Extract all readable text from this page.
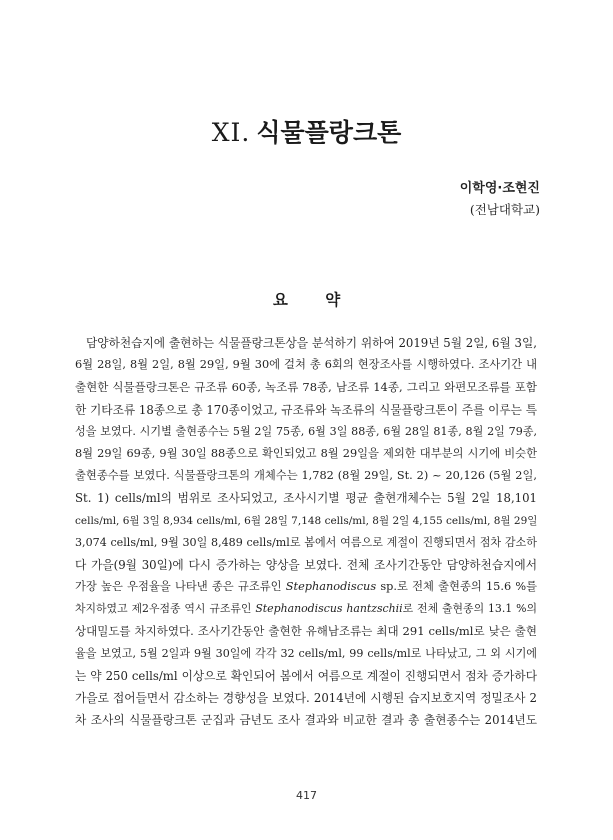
XI. 식물플랑크톤
이학영·조현진
(전남대학교)
요 약
담양하천습지에 출현하는 식물플랑크톤상을 분석하기 위하여 2019년 5월 2일, 6월 3일,
6월 28일, 8월 2일, 8월 29일, 9월 30에 걸쳐 총 6회의 현장조사를 시행하였다. 조사기간 내
출현한 식물플랑크톤은 규조류 60종, 녹조류 78종, 남조류 14종, 그리고 와편모조류를 포함
한 기타조류 18종으로 총 170종이었고, 규조류와 녹조류의 식물플랑크톤이 주를 이루는 특
성을 보였다. 시기별 출현종수는 5월 2일 75종, 6월 3일 88종, 6월 28일 81종, 8월 2일 79종,
8월 29일 69종, 9월 30일 88종으로 확인되었고 8월 29일을 제외한 대부분의 시기에 비슷한
출현종수를 보였다. 식물플랑크톤의 개체수는 1,782 (8월 29일, St. 2) ~ 20,126 (5월 2일,
St. 1) cells/ml의 범위로 조사되었고, 조사시기별 평균 출현개체수는 5월 2일 18,101
cells/ml, 6월 3일 8,934 cells/ml, 6월 28일 7,148 cells/ml, 8월 2일 4,155 cells/ml, 8월 29일
3,074 cells/ml, 9월 30일 8,489 cells/ml로 봄에서 여름으로 계절이 진행되면서 점차 감소하
다 가을(9월 30일)에 다시 증가하는 양상을 보였다. 전체 조사기간동안 담양하천습지에서
가장 높은 우점율을 나타낸 종은 규조류인 Stephanodiscus sp.로 전체 출현종의 15.6 %를
차지하였고 제2우점종 역시 규조류인 Stephanodiscus hantzschii로 전체 출현종의 13.1 %의
상대밀도를 차지하였다. 조사기간동안 출현한 유해남조류는 최대 291 cells/ml로 낮은 출현
율을 보였고, 5월 2일과 9월 30일에 각각 32 cells/ml, 99 cells/ml로 나타났고, 그 외 시기에
는 약 250 cells/ml 이상으로 확인되어 봄에서 여름으로 계절이 진행되면서 점차 증가하다
가을로 접어들면서 감소하는 경향성을 보였다. 2014년에 시행된 습지보호지역 정밀조사 2
차 조사의 식물플랑크톤 군집과 금년도 조사 결과와 비교한 결과 총 출현종수는 2014년도
417
